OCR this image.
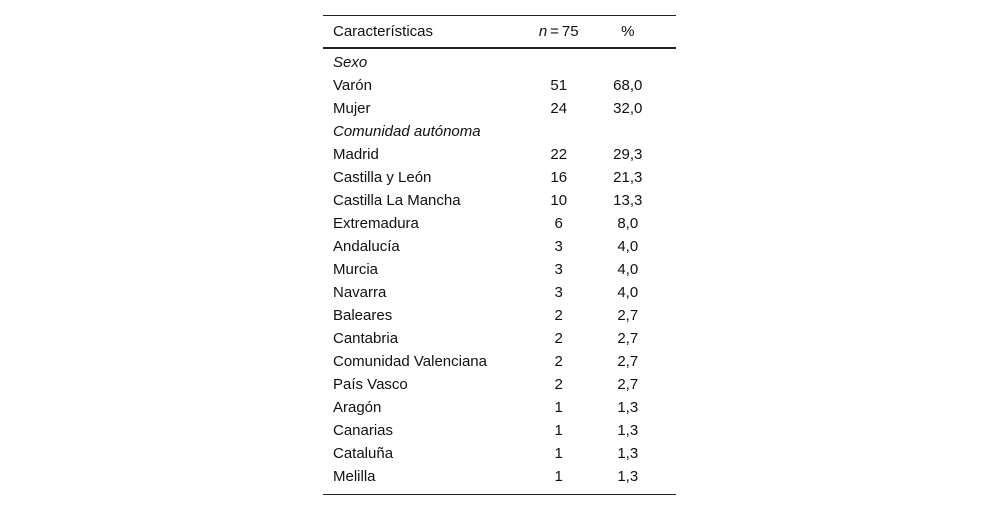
Características	n = 75	%
Sexo		
Varón	51	68,0
Mujer	24	32,0
Comunidad autónoma		
Madrid	22	29,3
Castilla y León	16	21,3
Castilla La Mancha	10	13,3
Extremadura	6	8,0
Andalucía	3	4,0
Murcia	3	4,0
Navarra	3	4,0
Baleares	2	2,7
Cantabria	2	2,7
Comunidad Valenciana	2	2,7
País Vasco	2	2,7
Aragón	1	1,3
Canarias	1	1,3
Cataluña	1	1,3
Melilla	1	1,3
